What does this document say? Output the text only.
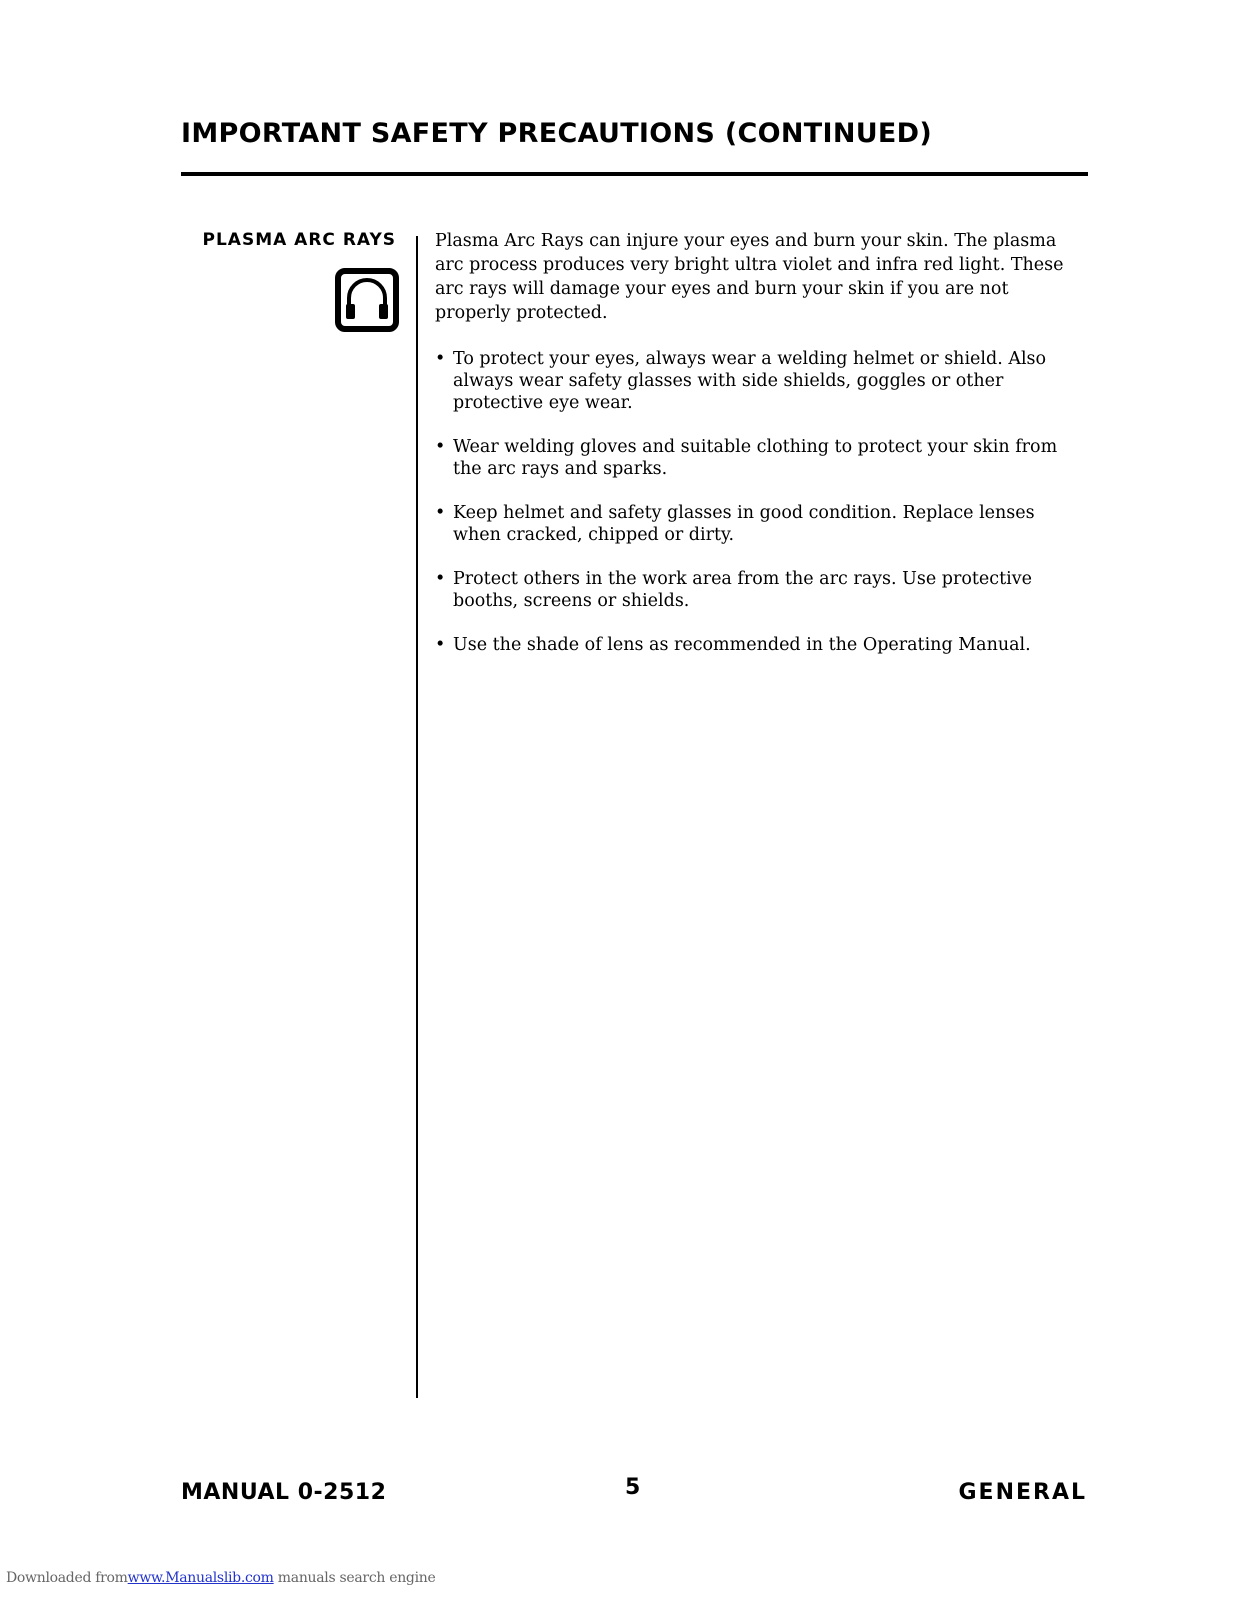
IMPORTANT SAFETY PRECAUTIONS (CONTINUED)
PLASMA ARC RAYS Plasma Arc Rays can injure your eyes and burn your skin. The plasma arc process produces very bright ultra violet and infra red light. These arc rays will damage your eyes and burn your skin if you are not properly protected.

• To protect your eyes, always wear a welding helmet or shield. Also always wear safety glasses with side shields, goggles or other protective eye wear.
• Wear welding gloves and suitable clothing to protect your skin from the arc rays and sparks.
• Keep helmet and safety glasses in good condition. Replace lenses when cracked, chipped or dirty.
• Protect others in the work area from the arc rays. Use protective booths, screens or shields.
• Use the shade of lens as recommended in the Operating Manual.
MANUAL 0-2512	5	GENERAL
Downloaded fromwww.Manualslib.com manuals search engine
